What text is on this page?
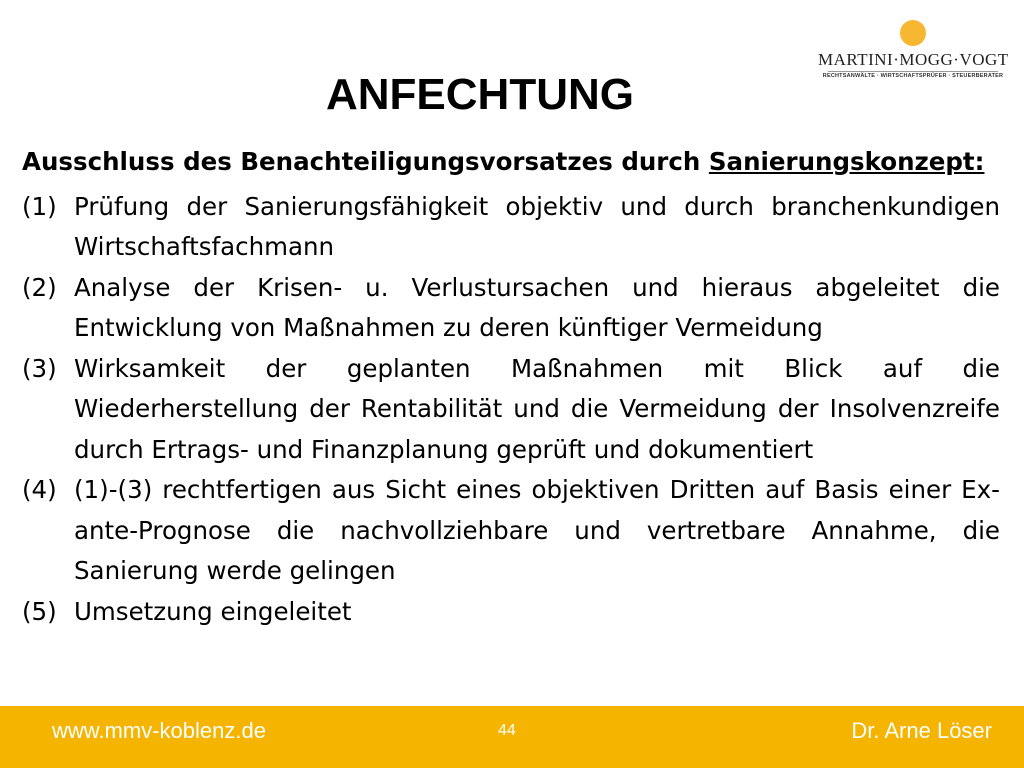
MARTINI·MOGG·VOGT
RECHTSANWÄLTE · WIRTSCHAFTSPRÜFER · STEUERBERATER
ANFECHTUNG

Ausschluss des Benachteiligungsvorsatzes durch Sanierungskonzept:

(1) Prüfung der Sanierungsfähigkeit objektiv und durch branchenkundigen Wirtschaftsfachmann
(2) Analyse der Krisen- u. Verlustursachen und hieraus abgeleitet die Entwicklung von Maßnahmen zu deren künftiger Vermeidung
(3) Wirksamkeit der geplanten Maßnahmen mit Blick auf die Wiederherstellung der Rentabilität und die Vermeidung der Insolvenzreife durch Ertrags- und Finanzplanung geprüft und dokumentiert
(4) (1)-(3) rechtfertigen aus Sicht eines objektiven Dritten auf Basis einer Ex-ante-Prognose die nachvollziehbare und vertretbare Annahme, die Sanierung werde gelingen
(5) Umsetzung eingeleitet
www.mmv-koblenz.de	44	Dr. Arne Löser
